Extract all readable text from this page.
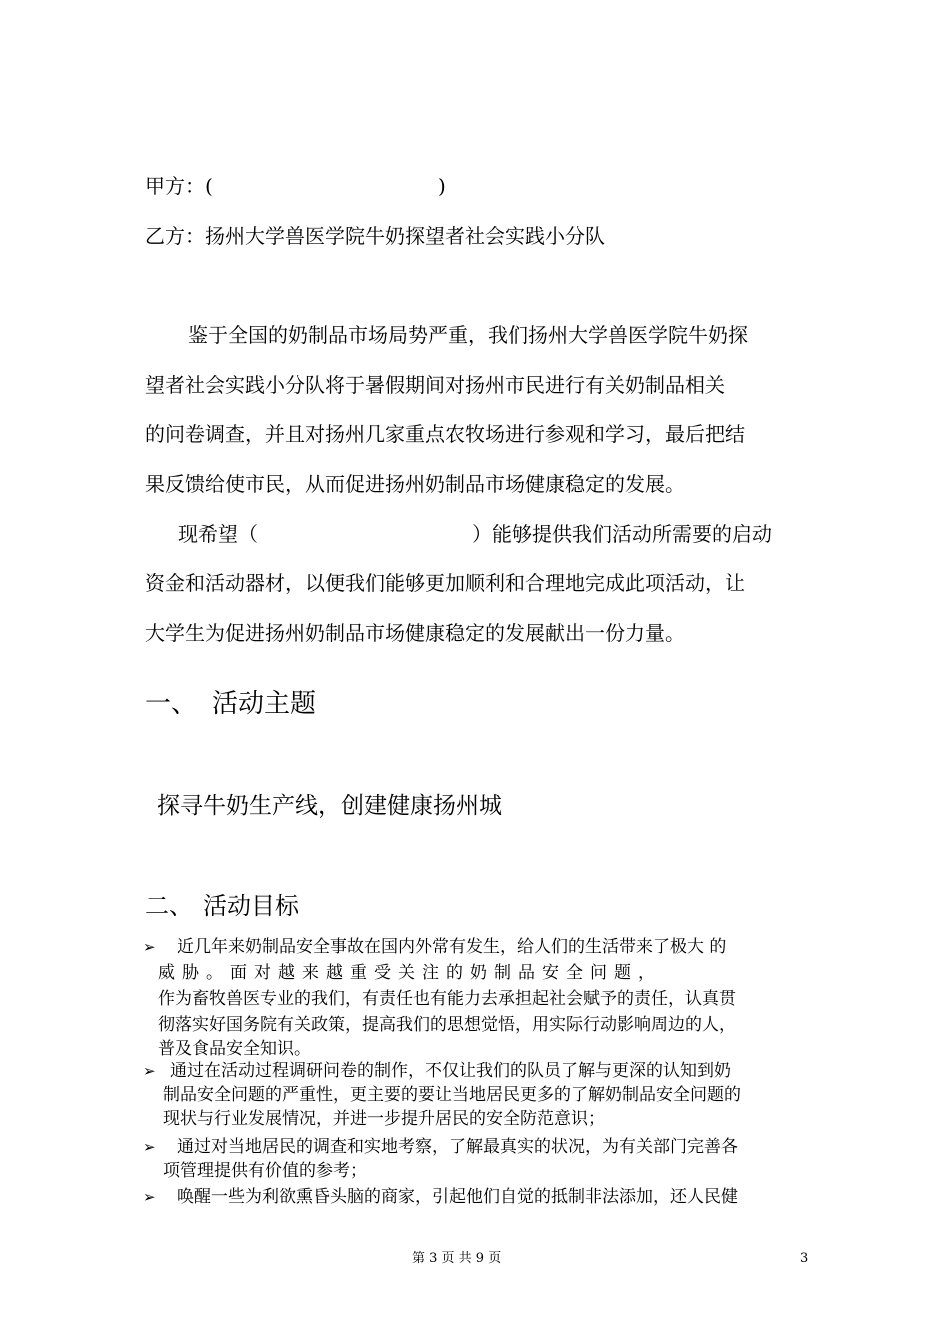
甲方：(	)
乙方：扬州大学兽医学院牛奶探望者社会实践小分队
鉴于全国的奶制品市场局势严重，我们扬州大学兽医学院牛奶探
望者社会实践小分队将于暑假期间对扬州市民进行有关奶制品相关
的问卷调查，并且对扬州几家重点农牧场进行参观和学习，最后把结
果反馈给使市民，从而促进扬州奶制品市场健康稳定的发展。
现希望（	）能够提供我们活动所需要的启动
资金和活动器材，以便我们能够更加顺利和合理地完成此项活动，让
大学生为促进扬州奶制品市场健康稳定的发展献出一份力量。
一、 活动主题
探寻牛奶生产线，创建健康扬州城
二、 活动目标
➢ 近几年来奶制品安全事故在国内外常有发生，给人们的生活带来了极大 的
威胁。面对越来越重受关注的奶制品安全问题，
作为畜牧兽医专业的我们，有责任也有能力去承担起社会赋予的责任，认真贯
彻落实好国务院有关政策，提高我们的思想觉悟，用实际行动影响周边的人，
普及食品安全知识。
➢ 通过在活动过程调研问卷的制作，不仅让我们的队员了解与更深的认知到奶
制品安全问题的严重性，更主要的要让当地居民更多的了解奶制品安全问题的
现状与行业发展情况，并进一步提升居民的安全防范意识；
➢ 通过对当地居民的调查和实地考察，了解最真实的状况，为有关部门完善各
项管理提供有价值的参考；
➢ 唤醒一些为利欲熏昏头脑的商家，引起他们自觉的抵制非法添加，还人民健
第 3 页 共 9 页	3
